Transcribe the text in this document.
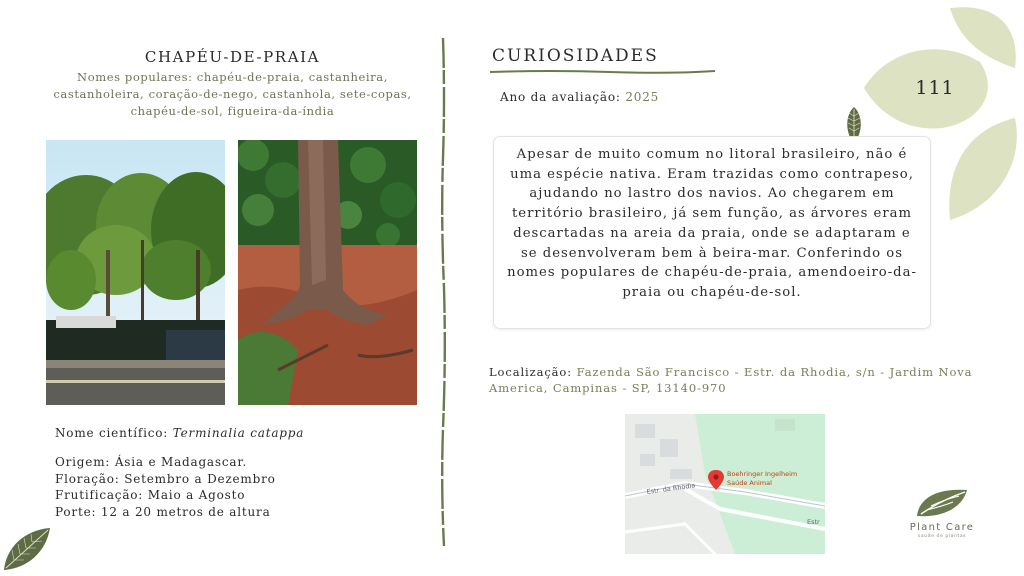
111
CHAPÉU-DE-PRAIA
Nomes populares: chapéu-de-praia, castanheira, castanholeira, coração-de-nego, castanhola, sete-copas, chapéu-de-sol, figueira-da-índia
Nome científico: Terminalia catappa
Origem: Ásia e Madagascar.
Floração: Setembro a Dezembro
Frutificação: Maio a Agosto
Porte: 12 a 20 metros de altura
CURIOSIDADES
Ano da avaliação: 2025
Apesar de muito comum no litoral brasileiro, não é uma espécie nativa. Eram trazidas como contrapeso, ajudando no lastro dos navios. Ao chegarem em território brasileiro, já sem função, as árvores eram descartadas na areia da praia, onde se adaptaram e se desenvolveram bem à beira-mar. Conferindo os nomes populares de chapéu-de-praia, amendoeiro-da-praia ou chapéu-de-sol.
Localização: Fazenda São Francisco - Estr. da Rhodia, s/n - Jardim Nova America, Campinas - SP, 13140-970
Estr. da Rhodia
Estr
Boehringer Ingelheim
Saúde Animal
Plant Care
saúde de plantas
